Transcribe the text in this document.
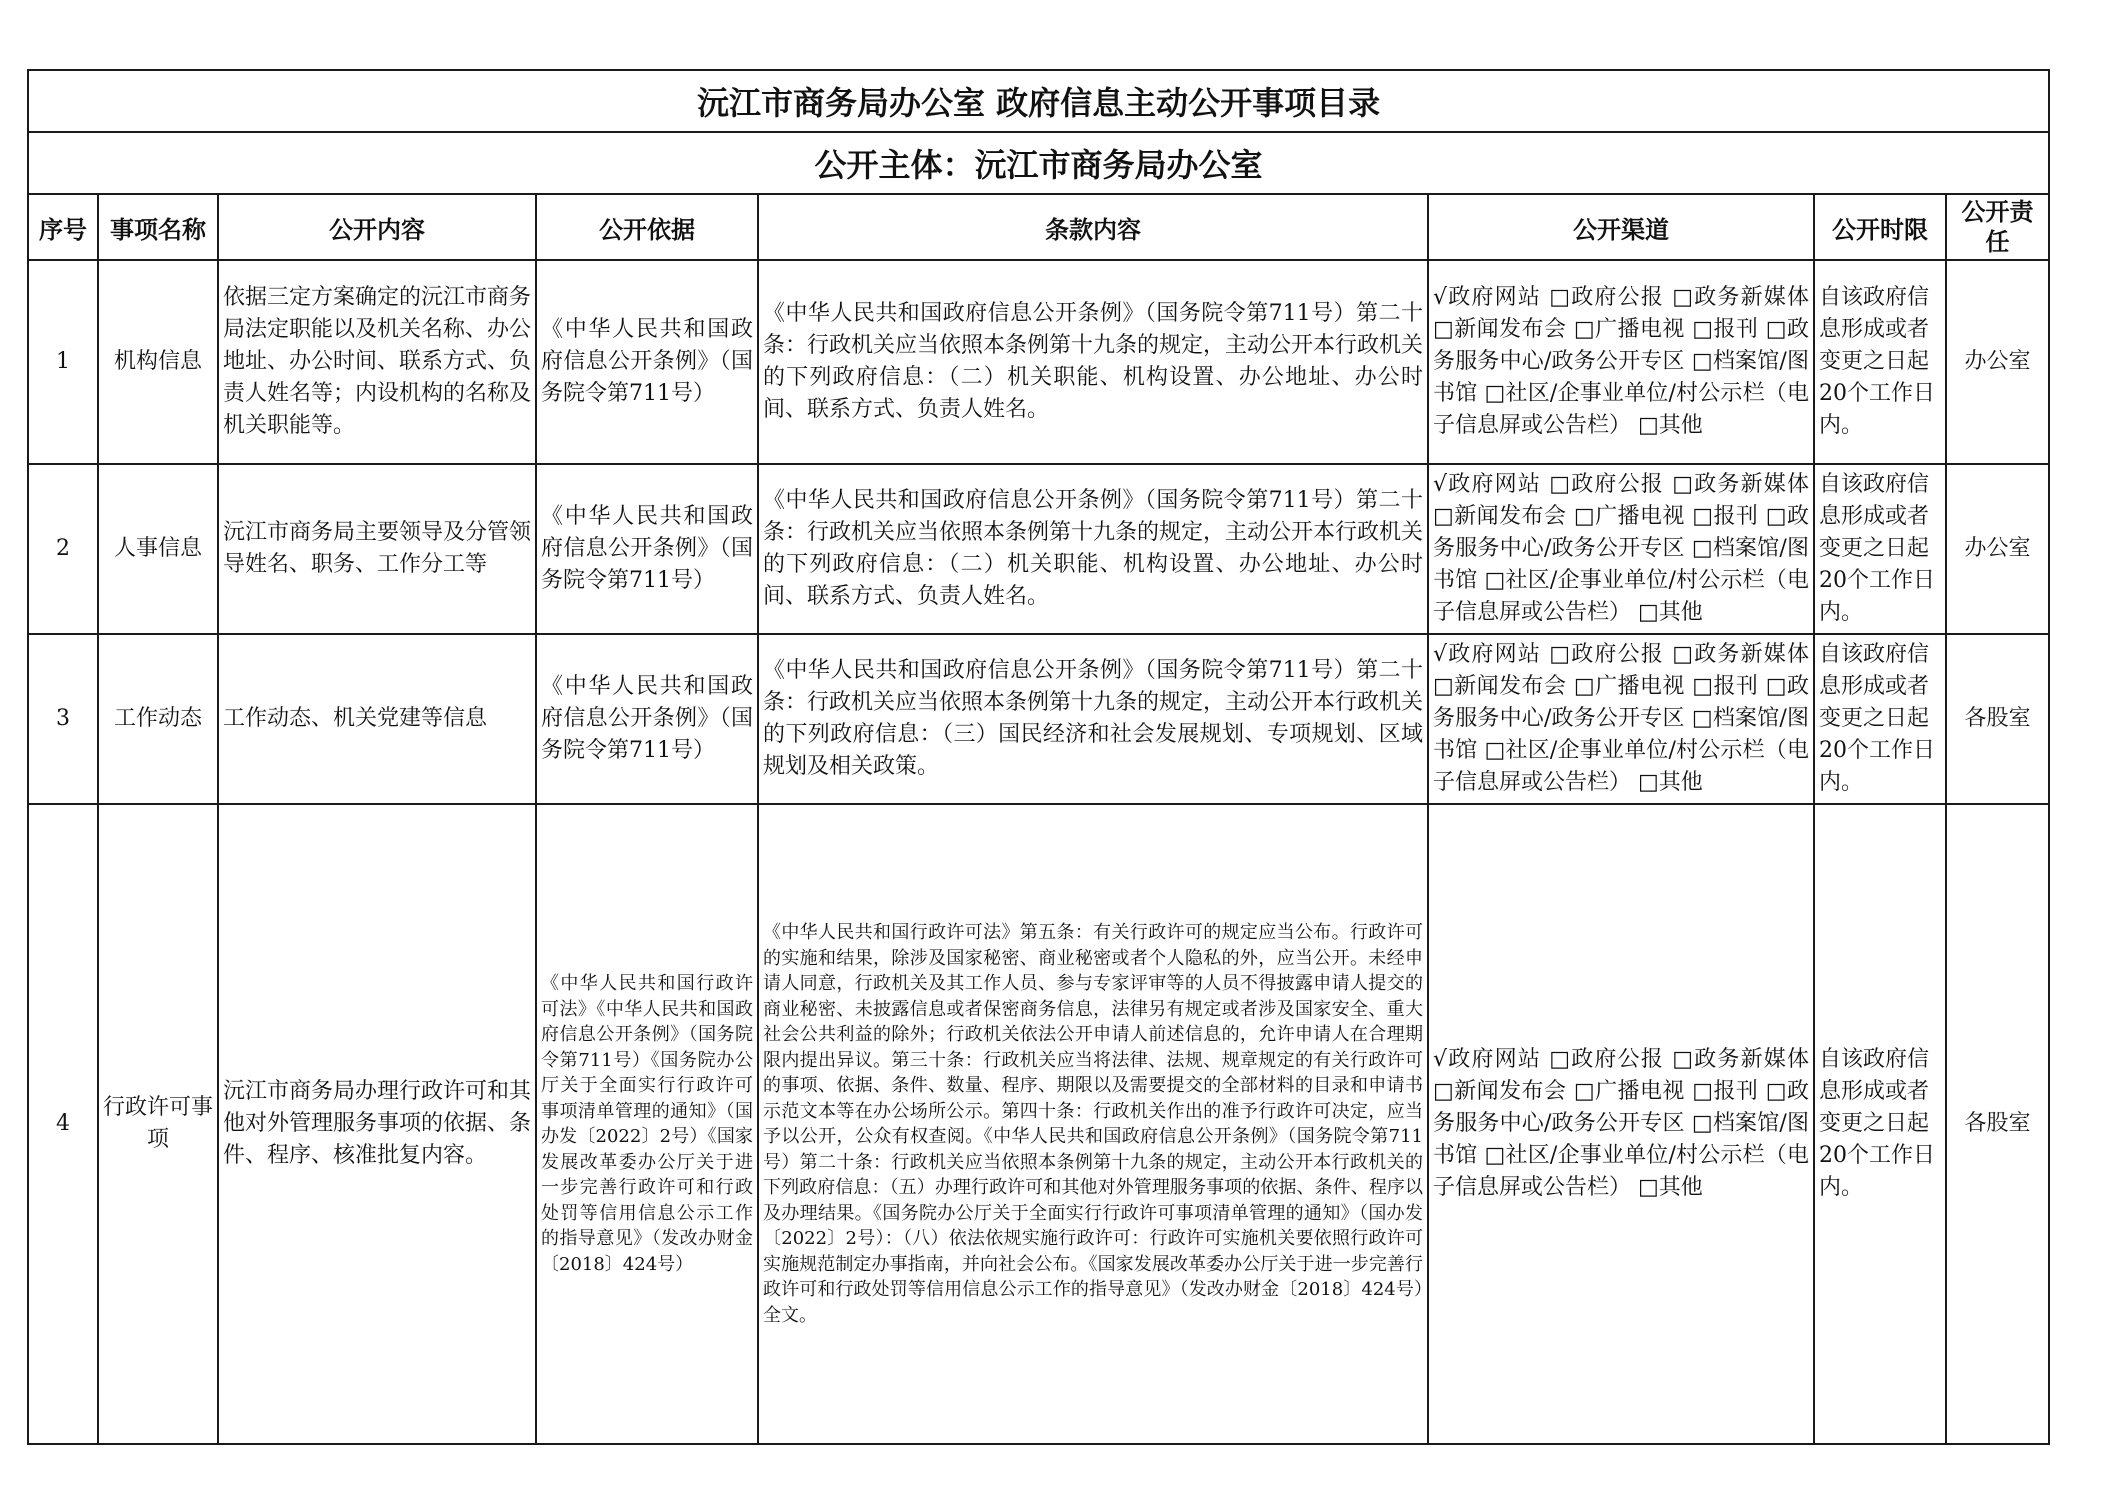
沅江市商务局办公室 政府信息主动公开事项目录							
公开主体：沅江市商务局办公室							
序号	事项名称	公开内容	公开依据	条款内容	公开渠道	公开时限	公开责任
1	机构信息	依据三定方案确定的沅江市商务局法定职能以及机关名称、办公地址、办公时间、联系方式、负责人姓名等；内设机构的名称及机关职能等。	《中华人民共和国政府信息公开条例》（国务院令第711号）	《中华人民共和国政府信息公开条例》（国务院令第711号）第二十条：行政机关应当依照本条例第十九条的规定，主动公开本行政机关的下列政府信息：（二）机关职能、机构设置、办公地址、办公时间、联系方式、负责人姓名。	√政府网站 □政府公报 □政务新媒体 □新闻发布会 □广播电视 □报刊 □政务服务中心/政务公开专区 □档案馆/图书馆 □社区/企事业单位/村公示栏（电子信息屏或公告栏） □其他	自该政府信息形成或者变更之日起20个工作日内。	办公室
2	人事信息	沅江市商务局主要领导及分管领导姓名、职务、工作分工等	《中华人民共和国政府信息公开条例》（国务院令第711号）	《中华人民共和国政府信息公开条例》（国务院令第711号）第二十条：行政机关应当依照本条例第十九条的规定，主动公开本行政机关的下列政府信息：（二）机关职能、机构设置、办公地址、办公时间、联系方式、负责人姓名。	√政府网站 □政府公报 □政务新媒体 □新闻发布会 □广播电视 □报刊 □政务服务中心/政务公开专区 □档案馆/图书馆 □社区/企事业单位/村公示栏（电子信息屏或公告栏） □其他	自该政府信息形成或者变更之日起20个工作日内。	办公室
3	工作动态	工作动态、机关党建等信息	《中华人民共和国政府信息公开条例》（国务院令第711号）	《中华人民共和国政府信息公开条例》（国务院令第711号）第二十条：行政机关应当依照本条例第十九条的规定，主动公开本行政机关的下列政府信息：（三）国民经济和社会发展规划、专项规划、区域规划及相关政策。	√政府网站 □政府公报 □政务新媒体 □新闻发布会 □广播电视 □报刊 □政务服务中心/政务公开专区 □档案馆/图书馆 □社区/企事业单位/村公示栏（电子信息屏或公告栏） □其他	自该政府信息形成或者变更之日起20个工作日内。	各股室
4	行政许可事项	沅江市商务局办理行政许可和其他对外管理服务事项的依据、条件、程序、核准批复内容。	《中华人民共和国行政许可法》《中华人民共和国政府信息公开条例》（国务院令第711号）《国务院办公厅关于全面实行行政许可事项清单管理的通知》（国办发〔2022〕2号）《国家发展改革委办公厅关于进一步完善行政许可和行政处罚等信用信息公示工作的指导意见》（发改办财金〔2018〕424号）	《中华人民共和国行政许可法》第五条：有关行政许可的规定应当公布。行政许可的实施和结果，除涉及国家秘密、商业秘密或者个人隐私的外，应当公开。未经申请人同意，行政机关及其工作人员、参与专家评审等的人员不得披露申请人提交的商业秘密、未披露信息或者保密商务信息，法律另有规定或者涉及国家安全、重大社会公共利益的除外；行政机关依法公开申请人前述信息的，允许申请人在合理期限内提出异议。第三十条：行政机关应当将法律、法规、规章规定的有关行政许可的事项、依据、条件、数量、程序、期限以及需要提交的全部材料的目录和申请书示范文本等在办公场所公示。第四十条：行政机关作出的准予行政许可决定，应当予以公开，公众有权查阅。《中华人民共和国政府信息公开条例》（国务院令第711号）第二十条：行政机关应当依照本条例第十九条的规定，主动公开本行政机关的下列政府信息：（五）办理行政许可和其他对外管理服务事项的依据、条件、程序以及办理结果。《国务院办公厅关于全面实行行政许可事项清单管理的通知》（国办发〔2022〕2号）：（八）依法依规实施行政许可：行政许可实施机关要依照行政许可实施规范制定办事指南，并向社会公布。《国家发展改革委办公厅关于进一步完善行政许可和行政处罚等信用信息公示工作的指导意见》（发改办财金〔2018〕424号）全文。	√政府网站 □政府公报 □政务新媒体 □新闻发布会 □广播电视 □报刊 □政务服务中心/政务公开专区 □档案馆/图书馆 □社区/企事业单位/村公示栏（电子信息屏或公告栏） □其他	自该政府信息形成或者变更之日起20个工作日内。	各股室
